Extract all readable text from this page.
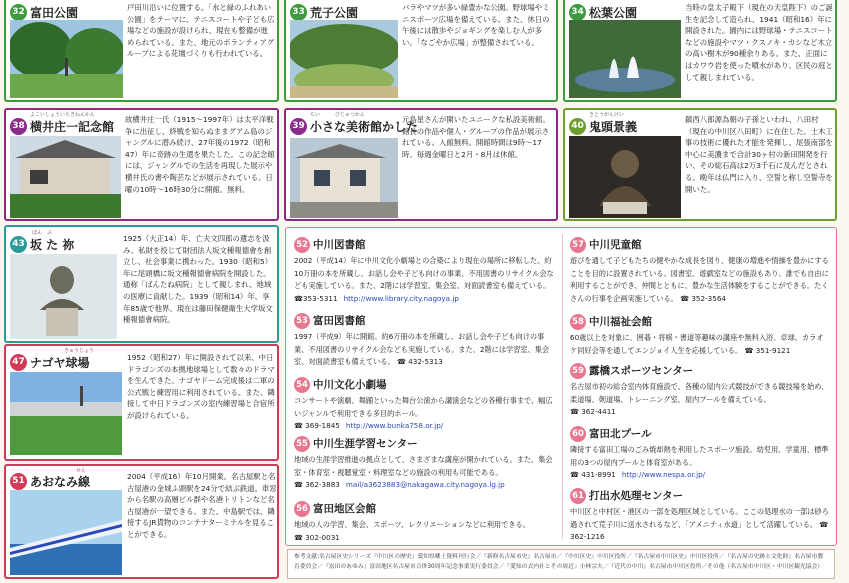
32 富田公園	戸田川沿いに位置する。「水と緑のふれあい公園」をテーマに、テニスコートや子ども広場などの施設が設けられ、現在も整備が進められている。また、地元のボランティアグループによる花壇づくりも行われている。
33 荒子公園	バラやマツが多い緑豊かな公園。野球場やミニスポーツ広場を備えている。また、休日の午後には散歩やジョギングを楽しむ人が多い。「なごやか広場」が整備されている。
34 松葉公園	当時の皇太子殿下（現在の天皇陛下）のご誕生を記念して造られ、1941（昭和16）年に開設された。園内には野球場・テニスコートなどの施設やマツ・クスノキ・カシなど木立の高い樹木が90種余りある。また、正面にはカワウ岩を使った噴水があり、区民の庭として親しまれている。
よこいしょういちきねんかん
38 横井庄一記念館
故横井庄一氏（1915〜1997年）は太平洋戦争に出征し、終戦を知らぬままグアム島のジャングルに潜み続け、27年後の1972（昭和47）年に奇跡の生還を果たした。この記念館には、ジャングルでの生活を再現した展示や横井氏の書や陶芸などが展示されている。日曜の10時〜16時30分に開館。無料。
ちい　　　びじゅつかん
39 小さな美術館かした
元島星さんが開いたユニークな私設美術館。館長の作品や個人・グループの作品が展示されている。入館無料。開館時間は9時〜17時。毎週金曜日と2月・8月は休館。
きとうがんけい
40 鬼頭景義
鎮西八郎源為朝の子孫といわれ、八田村（現在の中川区八田町）に在住した。土木工事の技術に優れた才能を発揮し、尾張南部を中心に美濃まで合計30ヶ村の新田開発を行い、その総石高は2万3千石に及んだとされる。晩年は仏門に入り、空誓と称し空誓寺を開いた。
ばん　ぶ
43 坂 た 祢	1925（大正14）年、亡夫文四郎の遺志を汲み、私財を投じて財団法人坂文種報德會を創立し、社会事業に携わった。1930（昭和5）年に尾頭橋に坂文種報德會病院を開設した。通称「ばんたね病院」として親しまれ、地域の医療に貢献した。1939（昭和14）年、享年85歳で他界。現在は藤田保健衛生大学坂文種報德會病院。
きゅうじょう
47 ナゴヤ球場	1952（昭和27）年に開設されて以来、中日ドラゴンズの本拠地球場として数々のドラマを生んできた。ナゴヤドーム完成後は二軍の公式戦と練習用に利用されている。また、隣接して中日ドラゴンズの室内練習場と合宿所が設けられている。
せん
51 あおなみ線	2004（平成16）年10月開業。名古屋駅と名古屋港の金城ふ頭駅を24分で結ぶ鉄道。車窓から名駅の高層ビル群や名港トリトンなど名古屋港が一望できる。また、中島駅では、隣接するJR貨物のコンテナターミナルを見ることができる。
52 中川図書館
2002（平成14）年に中川文化小劇場との合築により現在の場所に移転した。約10万冊の本を所蔵し、お話し会や子ども向けの事業、不用図書のリサイクル会なども実施している。また、2階には学習室、集会室、対面読書室も備えている。 ☎353-5311 http://www.library.city.nagoya.jp
53 富田図書館
1997（平成9）年に開館。約6万冊の本を所蔵し、お話し会や子ども向けの事業、不用図書のリサイクル会なども実施している。また、2階には学習室、集会室、対面読書室も備えている。 ☎ 432-5313
54 中川文化小劇場
コンサートや演劇、舞踊といった舞台公演から講演会などの各種行事まで、幅広いジャンルで利用できる多目的ホール。
☎ 369-1845 http://www.bunka758.or.jp/
55 中川生涯学習センター
地域の生涯学習推進の拠点として、さまざまな講座が開かれている。また、集会室・体育室・視聴覚室・料理室などの施設の利用も可能である。
☎ 362-3883 mail/a3623883@nakagawa.city.nagoya.lg.jp
56 富田地区会館
地域の人の学習、集会、スポーツ、レクリエーションなどに利用できる。
☎ 302-0031
57 中川児童館
遊びを通して子どもたちの健やかな成長を図り、健康の増進や情操を豊かにすることを目的に設置されている。図書室、遊戯室などの施設もあり、誰でも自由に利用することができ、仲間とともに、豊かな生活体験をすることができる。たくさんの行事を企画実施している。 ☎ 352-3564
58 中川福祉会館
60歳以上を対象に、囲碁・将棋・書道等趣味の講座や無料入浴、卓球、カラオケ同好会等を通してエンジョイ人生を応援している。 ☎ 351-9121
59 露橋スポーツセンター
名古屋市初の総合室内体育施設で、各種の屋内公式競技ができる競技場を始め、柔道場、剣道場、トレーニング室、屋内プールを備えている。
☎ 362-4411
60 富田北プール
隣接する富田工場のごみ焼却熱を利用したスポーツ施設。幼児用、学童用、標準用の3つの屋内プールと体育室がある。
☎ 431-8991 http://www.nespa.or.jp/
61 打出水処理センター
中川区と中村区・港区の一部を処理区域としている。ここの処理水の一部は砂ろ過されて荒子川に送水されるなど、「アメニティ水道」として活躍している。 ☎ 362-1216
参考文献:名古屋区史シリーズ『中川区の歴史』愛知県郷土資料刊行会／『新修名古屋市史』名古屋市／『中川区史』中川区役所／『名古屋市中川区史』中川区役所／『名古屋の史跡と文化財』名古屋市教育委員会／『富田のあゆみ』富田地区名古屋市合併30周年記念事業実行委員会／『愛知の式内社とその周辺』小林宗夫／『近代の中川』名古屋市中川区役所／その他（名古屋市中川区・中川区観光協会）
